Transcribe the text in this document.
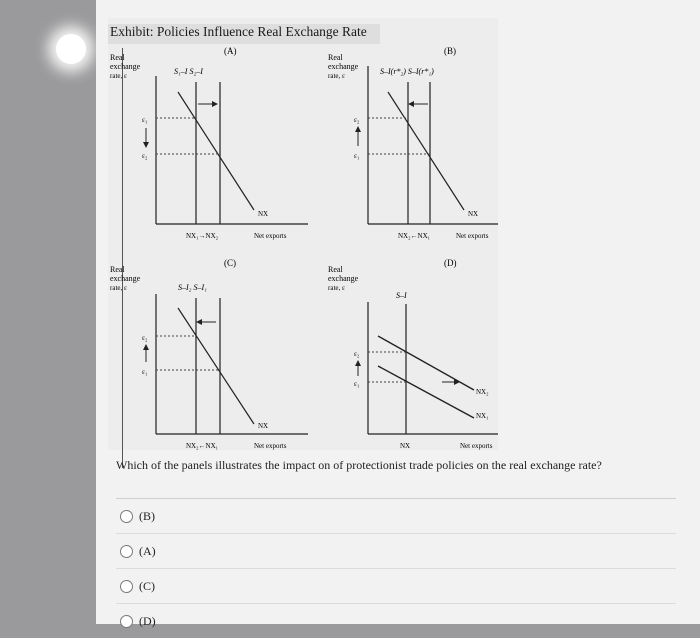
Exhibit: Policies Influence Real Exchange Rate
(A)
Real
exchange
rate, ε	S₁–I S₂–I
ε₁
ε₂
NX
NX₁→NX₂	Net exports
(B)
Real
exchange
rate, ε	S–I(r*₂) S–I(r*₁)
ε₂
ε₁
NX
NX₂←NX₁	Net exports
(C)
Real
exchange
rate, ε	S–I₂ S–I₁
ε₂
ε₁
NX
NX₂←NX₁	Net exports
(D)
Real
exchange
rate, ε
S–I
ε₂
ε₁
NX₂
NX₁
NX	Net exports
Which of the panels illustrates the impact on of protectionist trade policies on the real exchange rate?
(B)
(A)
(C)
(D)
